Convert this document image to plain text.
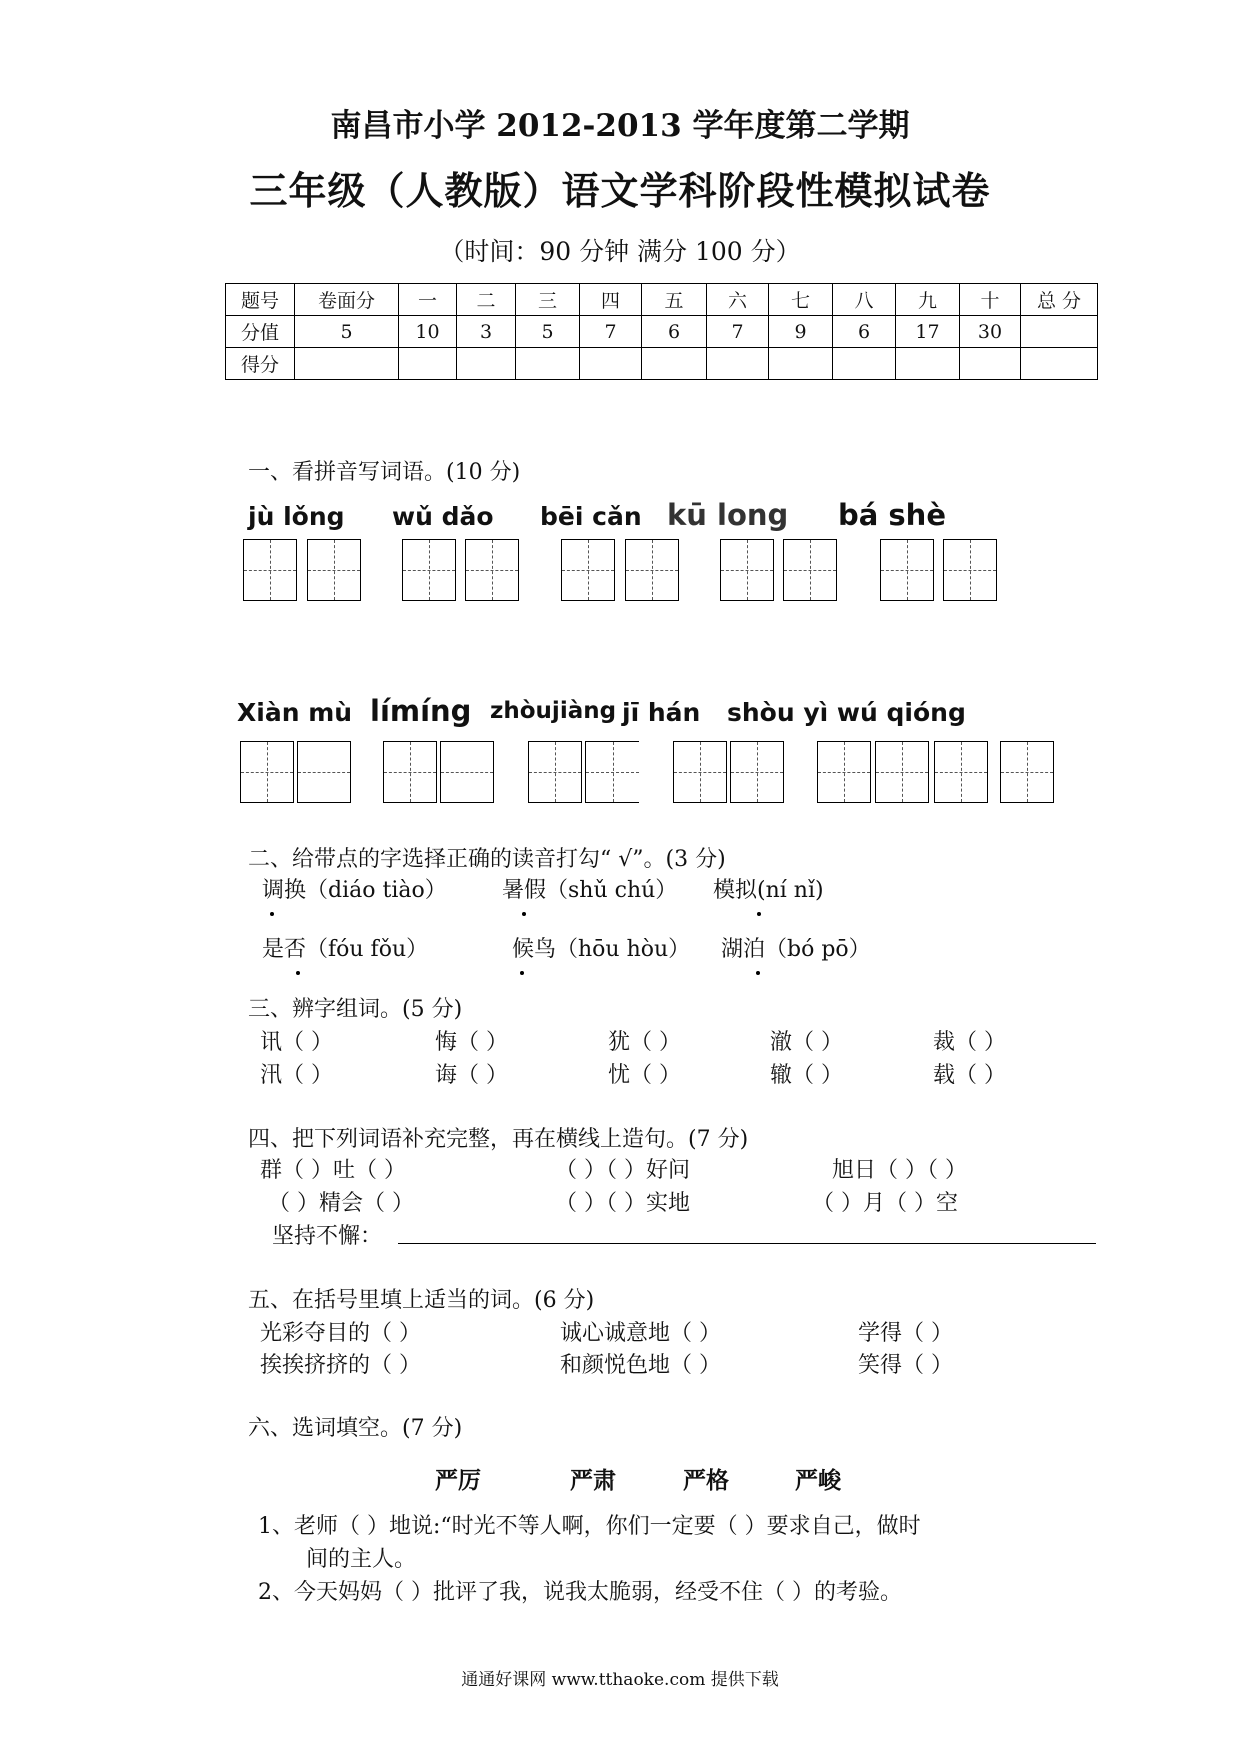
南昌市小学 2012-2013 学年度第二学期
三年级（人教版）语文学科阶段性模拟试卷
（时间：90 分钟 满分 100 分）
题号	卷面分	一	二	三	四	五	六	七	八	九	十	总 分
分值	5	10	3	5	7	6	7	9	6	17	30	
得分												
一、看拼音写词语。(10 分)
jù lǒng wǔ dǎo bēi cǎn kū long bá shè
Xiàn mù límíng zhòujiàng jī hán shòu yì wú qióng
二、给带点的字选择正确的读音打勾“ √”。(3 分)
调换（diáo tiào）	暑假（shǔ chú） 模拟(ní nǐ)
是否（fóu fǒu）	候鸟（hōu hòu） 湖泊（bó pō）
三、辨字组词。(5 分)
讯（ ）	悔（ ）	犹（ ）	澈（ ）	裁（ ）
汛（ ）	诲（ ）	忧（ ）	辙（ ）	载（ ）
四、把下列词语补充完整，再在横线上造句。(7 分)
群（ ）吐（ ）	（ ）（ ）好问	旭日（ ）（ ）
（ ）精会（ ）	（ ）（ ）实地	（ ）月（ ）空
坚持不懈：
五、在括号里填上适当的词。(6 分)
光彩夺目的（ ）	诚心诚意地（ ）	学得（ ）
挨挨挤挤的（ ）	和颜悦色地（ ）	笑得（ ）
六、选词填空。(7 分)
严厉	严肃	严格	严峻
1、老师（ ）地说:“时光不等人啊，你们一定要（ ）要求自己，做时
间的主人。
2、今天妈妈（ ）批评了我，说我太脆弱，经受不住（ ）的考验。
通通好课网 www.tthaoke.com 提供下载
